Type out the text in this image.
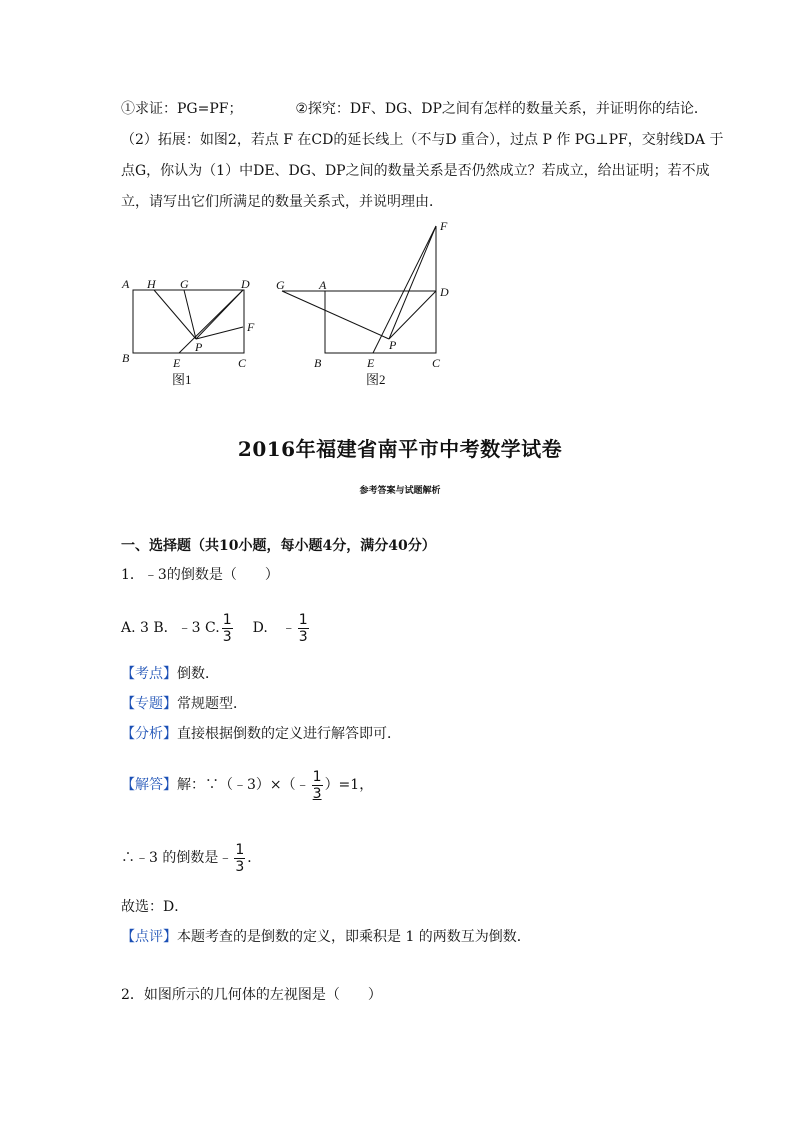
①求证：PG=PF；	②探究：DF、DG、DP之间有怎样的数量关系，并证明你的结论．
（2）拓展：如图2，若点 F 在CD的延长线上（不与D 重合），过点 P 作 PG⊥PF，交射线DA 于
点G，你认为（1）中DE、DG、DP之间的数量关系是否仍然成立？若成立，给出证明；若不成
立，请写出它们所满足的数量关系式，并说明理由．
A H G	D
F
P
B	E	C
图1
F
G	A	D
P
B	E	C
图2
2016年福建省南平市中考数学试卷
参考答案与试题解析
一、选择题（共10小题，每小题4分，满分40分）
1．﹣3的倒数是（　　）
A. 3 B．﹣3 C. $\frac{1}{3} D$. ﹣ $\frac{1}{3}$
【考点】倒数．
【专题】常规题型．
【分析】直接根据倒数的定义进行解答即可．
【解答】 解：∵（﹣3）×（﹣ $\frac{1}{3} )=1$，
∴﹣3 的倒数是﹣ $\frac{1}{3}$ ．
故选：D．
【点评】本题考查的是倒数的定义，即乘积是 1 的两数互为倒数．
2．如图所示的几何体的左视图是（　　）
